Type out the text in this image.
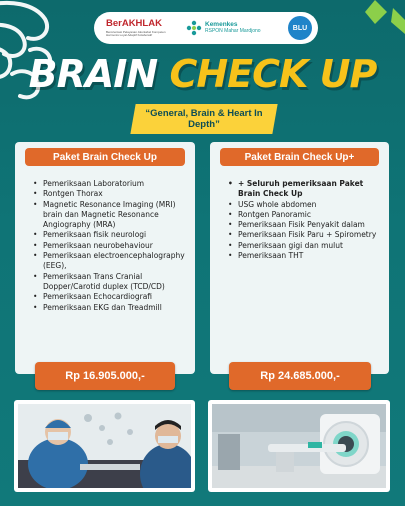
BerAKHLAK
Berorientasi Pelayanan Akuntabel Kompeten Harmonis Loyal Adaptif Kolaboratif
Kemenkes
RSPON Mahar Mardjono	BLU
BRAIN CHECK UP
“General, Brain & Heart In Depth”
Paket Brain Check Up
• Pemeriksaan Laboratorium
• Rontgen Thorax
• Magnetic Resonance Imaging (MRI) brain dan Magnetic Resonance Angiography (MRA)
• Pemeriksaan fisik neurologi
• Pemeriksaan neurobehaviour
• Pemeriksaan electroencephalography (EEG),
• Pemeriksaan Trans Cranial Dopper/Carotid duplex (TCD/CD)
• Pemeriksaan Echocardiografi
• Pemeriksaan EKG dan Treadmill
Paket Brain Check Up+
• + Seluruh pemeriksaan Paket Brain Check Up
• USG whole abdomen
• Rontgen Panoramic
• Pemeriksaan Fisik Penyakit dalam
• Pemeriksaan Fisik Paru + Spirometry
• Pemeriksaan gigi dan mulut
• Pemeriksaan THT
Rp 16.905.000,-	Rp 24.685.000,-
